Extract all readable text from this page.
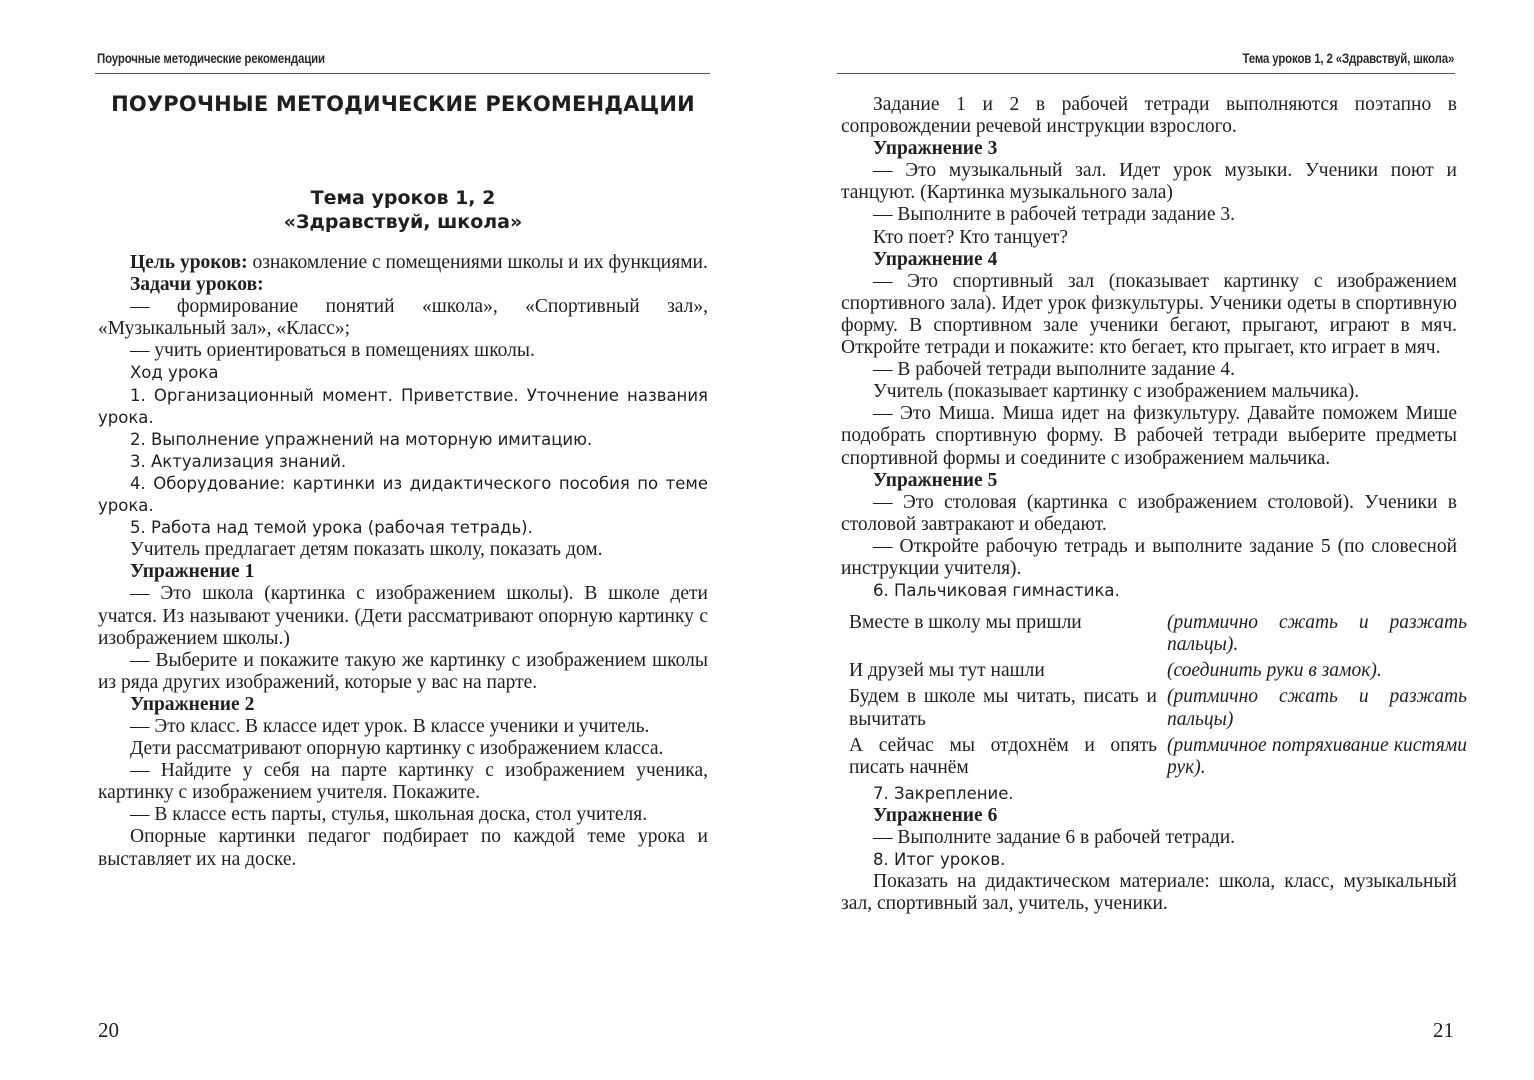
Поурочные методические рекомендации
ПОУРОЧНЫЕ МЕТОДИЧЕСКИЕ РЕКОМЕНДАЦИИ
Тема уроков 1, 2
«Здравствуй, школа»

Цель уроков: ознакомление с помещениями школы и их функциями.

Задачи уроков:

— формирование понятий «школа», «Спортивный зал», «Музыкальный зал», «Класс»;

— учить ориентироваться в помещениях школы.

Ход урока

1. Организационный момент. Приветствие. Уточнение названия урока.

2. Выполнение упражнений на моторную имитацию.

3. Актуализация знаний.

4. Оборудование: картинки из дидактического пособия по теме урока.

5. Работа над темой урока (рабочая тетрадь).

Учитель предлагает детям показать школу, показать дом.

Упражнение 1

— Это школа (картинка с изображением школы). В школе дети учатся. Из называют ученики. (Дети рассматривают опорную картинку с изображением школы.)

— Выберите и покажите такую же картинку с изображением школы из ряда других изображений, которые у вас на парте.

Упражнение 2

— Это класс. В классе идет урок. В классе ученики и учитель.

Дети рассматривают опорную картинку с изображением класса.

— Найдите у себя на парте картинку с изображением ученика, картинку с изображением учителя. Покажите.

— В классе есть парты, стулья, школьная доска, стол учителя.

Опорные картинки педагог подбирает по каждой теме урока и выставляет их на доске.

20
Тема уроков 1, 2 «Здравствуй, школа»

Задание 1 и 2 в рабочей тетради выполняются поэтапно в сопровождении речевой инструкции взрослого.

Упражнение 3

— Это музыкальный зал. Идет урок музыки. Ученики поют и танцуют. (Картинка музыкального зала)

— Выполните в рабочей тетради задание 3.

Кто поет? Кто танцует?

Упражнение 4

— Это спортивный зал (показывает картинку с изображением спортивного зала). Идет урок физкультуры. Ученики одеты в спортивную форму. В спортивном зале ученики бегают, прыгают, играют в мяч. Откройте тетради и покажите: кто бегает, кто прыгает, кто играет в мяч.

— В рабочей тетради выполните задание 4.

Учитель (показывает картинку с изображением мальчика).

— Это Миша. Миша идет на физкультуру. Давайте поможем Мише подобрать спортивную форму. В рабочей тетради выберите предметы спортивной формы и соедините с изображением мальчика.

Упражнение 5

— Это столовая (картинка с изображением столовой). Ученики в столовой завтракают и обедают.

— Откройте рабочую тетрадь и выполните задание 5 (по словесной инструкции учителя).

6. Пальчиковая гимнастика.

Вместе в школу мы пришли	(ритмично сжать и разжать пальцы).
И друзей мы тут нашли	(соединить руки в замок).
Будем в школе мы читать, писать и вычитать
(ритмично сжать и разжать пальцы)
А сейчас мы отдохнём и опять писать начнём
(ритмичное потряхивание кистями рук).

7. Закрепление.

Упражнение 6

— Выполните задание 6 в рабочей тетради.

8. Итог уроков.

Показать на дидактическом материале: школа, класс, музыкальный зал, спортивный зал, учитель, ученики.

21
